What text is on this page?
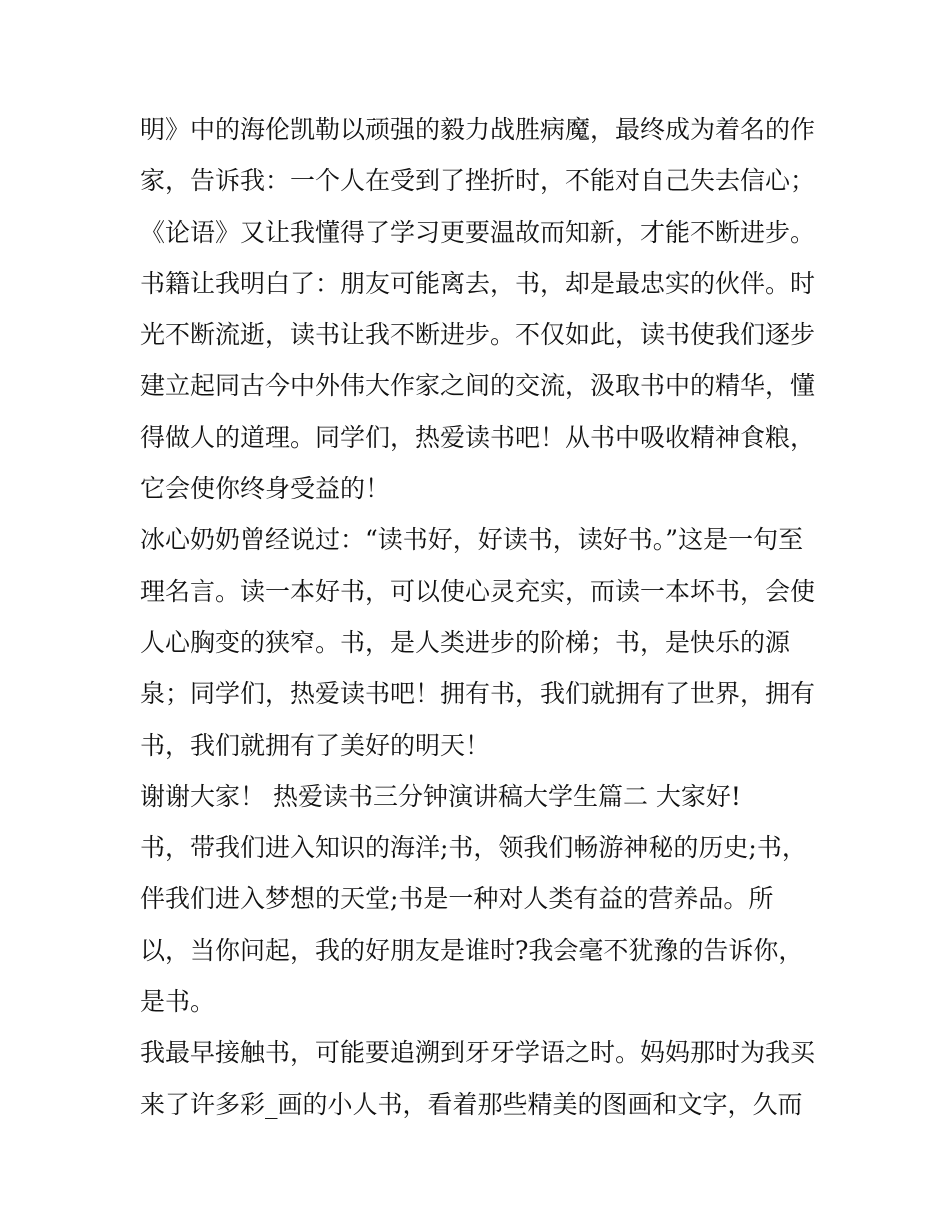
明》中的海伦凯勒以顽强的毅力战胜病魔，最终成为着名的作
家，告诉我：一个人在受到了挫折时，不能对自己失去信心；
《论语》又让我懂得了学习更要温故而知新，才能不断进步。
书籍让我明白了：朋友可能离去，书，却是最忠实的伙伴。时
光不断流逝，读书让我不断进步。不仅如此，读书使我们逐步
建立起同古今中外伟大作家之间的交流，汲取书中的精华，懂
得做人的道理。同学们，热爱读书吧！从书中吸收精神食粮，
它会使你终身受益的！
冰心奶奶曾经说过：“读书好，好读书，读好书。”这是一句至
理名言。读一本好书，可以使心灵充实，而读一本坏书，会使
人心胸变的狭窄。书，是人类进步的阶梯；书，是快乐的源
泉；同学们，热爱读书吧！拥有书，我们就拥有了世界，拥有
书，我们就拥有了美好的明天！
谢谢大家！ 热爱读书三分钟演讲稿大学生篇二 大家好!
书，带我们进入知识的海洋;书，领我们畅游神秘的历史;书，
伴我们进入梦想的天堂;书是一种对人类有益的营养品。所
以，当你问起，我的好朋友是谁时?我会毫不犹豫的告诉你，
是书。
我最早接触书，可能要追溯到牙牙学语之时。妈妈那时为我买
来了许多彩_画的小人书，看着那些精美的图画和文字，久而
